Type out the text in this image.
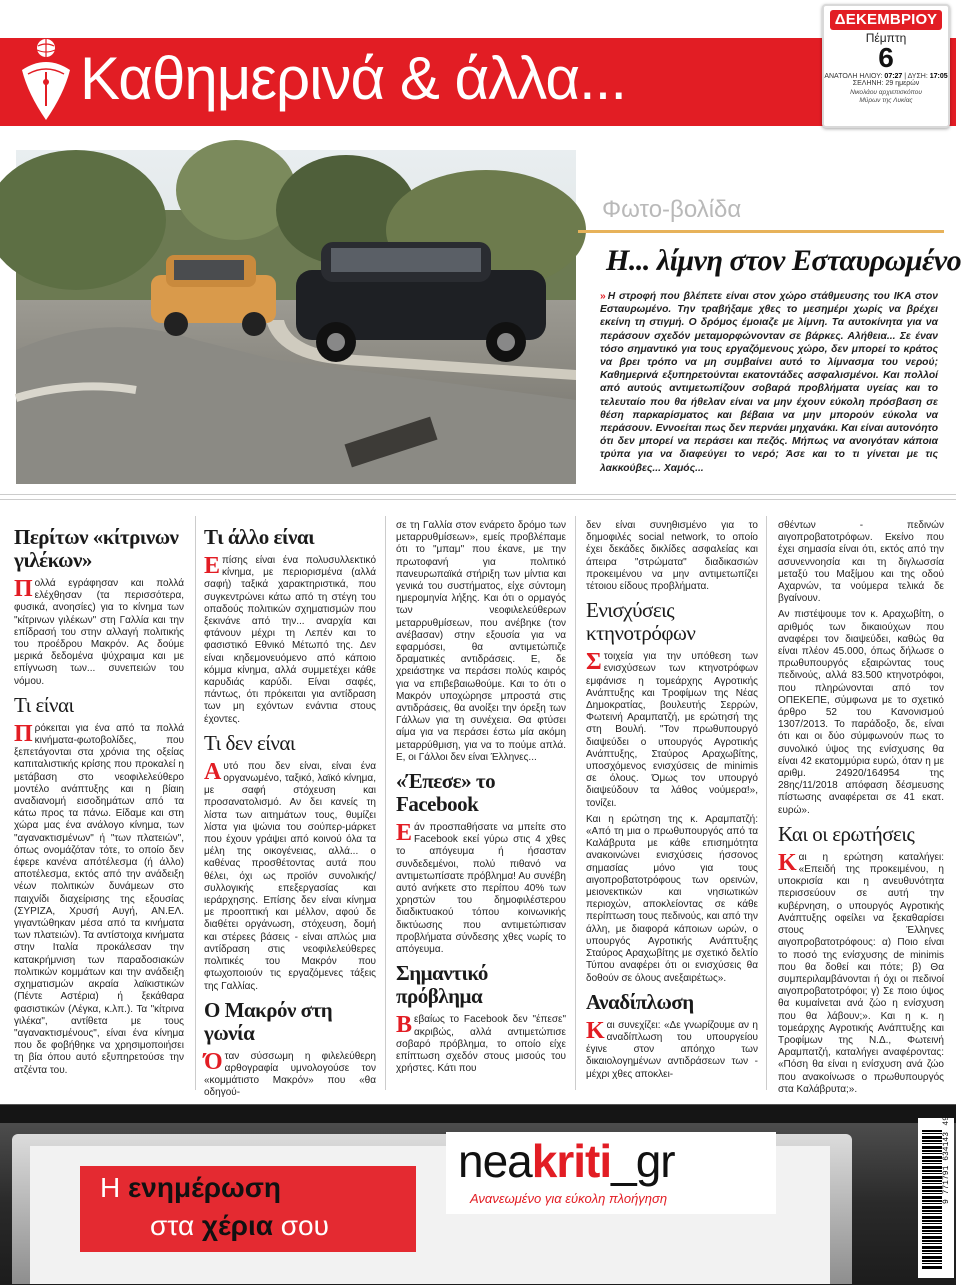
Καθημερινά & άλλα...
ΔΕΚΕΜΒΡΙΟΥ
Πέμπτη
6
ΑΝΑΤΟΛΗ ΗΛΙΟΥ: 07:27 | ΔΥΣΗ: 17:05
ΣΕΛΗΝΗ: 29 ημερών
Νικολάου αρχιεπισκόπου
Μύρων της Λυκίας
Φωτο-βολίδα
Η... λίμνη στον Εσταυρωμένο
» Η στροφή που βλέπετε είναι στον χώρο στάθμευσης του ΙΚΑ στον Εσταυρωμένο. Την τραβήξαμε χθες το μεσημέρι χωρίς να βρέχει εκείνη τη στιγμή. Ο δρόμος έμοιαζε με λίμνη. Τα αυτοκίνητα για να περάσουν σχεδόν μεταμορφώνονταν σε βάρκες. Αλήθεια... Σε έναν τόσο σημαντικό για τους εργαζόμενους χώρο, δεν μπορεί το κράτος να βρει τρόπο να μη συμβαίνει αυτό το λίμνασμα του νερού; Καθημερινά εξυπηρετούνται εκατοντάδες ασφαλισμένοι. Και πολλοί από αυτούς αντιμετωπίζουν σοβαρά προβλήματα υγείας και το τελευταίο που θα ήθελαν είναι να μην έχουν εύκολη πρόσβαση σε θέση παρκαρίσματος και βέβαια να μην μπορούν εύκολα να περάσουν. Εννοείται πως δεν περνάει μηχανάκι. Και είναι αυτονόητο ότι δεν μπορεί να περάσει και πεζός. Μήπως να ανοιγόταν κάποια τρύπα για να διαφεύγει το νερό; Άσε και το τι γίνεται με τις λακκούβες... Χαμός...
Περίτων «κίτρινων γιλέκων»

Πολλά εγράφησαν και πολλά ελέχθησαν (τα περισσότερα, φυσικά, ανοησίες) για το κίνημα των "κίτρινων γιλέκων" στη Γαλλία και την επίδρασή του στην αλλαγή πολιτικής του προέδρου Μακρόν. Ας δούμε μερικά δεδομένα ψύχραιμα και με επίγνωση των... συνεπειών του νόμου.

Τι είναι

Πρόκειται για ένα από τα πολλά κινήματα-φωτοβολίδες, που ξεπετάγονται στα χρόνια της οξείας καπιταλιστικής κρίσης που προκαλεί η μετάβαση στο νεοφιλελεύθερο μοντέλο ανάπτυξης και η βίαιη αναδιανομή εισοδημάτων από τα κάτω προς τα πάνω. Είδαμε και στη χώρα μας ένα ανάλογο κίνημα, των "αγανακτισμένων" ή "των πλατειών", όπως ονομάζόταν τότε, το οποίο δεν έφερε κανένα απότέλεσμα (ή άλλο) αποτέλεσμα, εκτός από την ανάδειξη νέων πολιτικών δυνάμεων στο παιχνίδι διαχείρισης της εξουσίας (ΣΥΡΙΖΑ, Χρυσή Αυγή, ΑΝ.ΕΛ. γιγαντώθηκαν μέσα από τα κινήματα των πλατειών). Τα αντίστοιχα κινήματα στην Ιταλία προκάλεσαν την κατακρήμνιση των παραδοσιακών πολιτικών κομμάτων και την ανάδειξη σχηματισμών ακραία λαϊκιστικών (Πέντε Αστέρια) ή ξεκάθαρα φασιστικών (Λέγκα, κ.λπ.). Τα "κίτρινα γιλέκα", αντίθετα με τους "αγανακτισμένους", είναι ένα κίνημα που δε φοβήθηκε να χρησιμοποιήσει τη βία όπου αυτό εξυπηρετούσε την ατζέντα του.

Τι άλλο είναι

Επίσης είναι ένα πολυσυλλεκτικό κίνημα, με περιορισμένα (αλλά σαφή) ταξικά χαρακτηριστικά, που συγκεντρώνει κάτω από τη στέγη του οπαδούς πολιτικών σχηματισμών που ξεκινάνε από την... αναρχία και φτάνουν μέχρι τη Λεπέν και το φασιστικό Εθνικό Μέτωπό της. Δεν είναι κηδεμονευόμενο από κάποιο κόμμα κίνημα, αλλά συμμετέχει κάθε καρυδιάς καρύδι. Είναι σαφές, πάντως, ότι πρόκειται για αντίδραση των μη εχόντων ενάντια στους έχοντες.

Τι δεν είναι

Αυτό που δεν είναι, είναι ένα οργανωμένο, ταξικό, λαϊκό κίνημα, με σαφή στόχευση και προσανατολισμό. Αν δει κανείς τη λίστα των αιτημάτων τους, θυμίζει λίστα για ψώνια του σούπερ-μάρκετ που έχουν γράψει από κοινού όλα τα μέλη της οικογένειας, αλλά... ο καθένας προσθέτοντας αυτά που θέλει, όχι ως προϊόν συνολικής/συλλογικής επεξεργασίας και ιεράρχησης. Επίσης δεν είναι κίνημα με προοπτική και μέλλον, αφού δε διαθέτει οργάνωση, στόχευση, δομή και στέρεες βάσεις - είναι απλώς μια αντίδραση στις νεοφιλελεύθερες πολιτικές του Μακρόν που φτωχοποιούν τις εργαζόμενες τάξεις της Γαλλίας.

Ο Μακρόν στη γωνία

Όταν σύσσωμη η φιλελεύθερη αρθογραφία υμνολογούσε τον «κομμάτιστο Μακρόν» που «θα οδηγού-

σε τη Γαλλία στον ενάρετο δρόμο των μεταρρυθμίσεων», εμείς προβλέπαμε ότι το "μπαμ" που έκανε, με την πρωτοφανή για πολιτικό πανευρωπαϊκά στήριξη των μίντια και γενικά του συστήματος, είχε σύντομη ημερομηνία λήξης. Και ότι ο ορμαγός των νεοφιλελεύθερων μεταρρυθμίσεων, που ανέβηκε (τον ανέβασαν) στην εξουσία για να εφαρμόσει, θα αντιμετώπιζε δραματικές αντιδράσεις. Ε, δε χρειάστηκε να περάσει πολύς καιρός για να επιβεβαιωθούμε. Και το ότι ο Μακρόν υποχώρησε μπροστά στις αντιδράσεις, θα ανοίξει την όρεξη των Γάλλων για τη συνέχεια. Θα φτύσει αίμα για να περάσει έστω μία ακόμη μεταρρύθμιση, για να το πούμε απλά. Ε, οι Γάλλοι δεν είναι Έλληνες...

«Έπεσε» το Facebook

Εάν προσπαθήσατε να μπείτε στο Facebook εκεί γύρω στις 4 χθες το απόγευμα ή ήσασταν συνδεδεμένοι, πολύ πιθανό να αντιμετωπίσατε πρόβλημα! Αυ συνέβη αυτό ανήκετε στο περίπου 40% των χρηστών του δημοφιλέστερου διαδικτυακού τόπου κοινωνικής δικτύωσης που αντιμετώπισαν προβλήματα σύνδεσης χθες νωρίς το απόγευμα.

Σημαντικό πρόβλημα

Βεβαίως το Facebook δεν "έπεσε" ακριβώς, αλλά αντιμετώπισε σοβαρό πρόβλημα, το οποίο είχε επίπτωση σχεδόν στους μισούς του χρήστες. Κάτι που

δεν είναι συνηθισμένο για το δημοφιλές social network, το οποίο έχει δεκάδες δικλίδες ασφαλείας και άπειρα "στρώματα" διαδικασιών προκειμένου να μην αντιμετωπίζει τέτοιου είδους προβλήματα.

Ενισχύσεις κτηνοτρόφων

Στοιχεία για την υπόθεση των ενισχύσεων των κτηνοτρόφων εμφάνισε η τομεάρχης Αγροτικής Ανάπτυξης και Τροφίμων της Νέας Δημοκρατίας, βουλευτής Σερρών, Φωτεινή Αραμπατζή, με ερώτησή της στη Βουλή. "Τον πρωθυπουργό διαψεύδει ο υπουργός Αγροτικής Ανάπτυξης, Σταύρος Αραχωβίτης, υποσχόμενος ενισχύσεις de minimis σε όλους. Όμως τον υπουργό διαψεύδουν τα λάθος νούμερα!», τονίζει.

Και η ερώτηση της κ. Αραμπατζή: «Από τη μια ο πρωθυπουργός από τα Καλάβρυτα με κάθε επισημότητα ανακοινώνει ενισχύσεις ήσσονος σημασίας μόνο για τους αιγοπροβατοτρόφους των ορεινών, μειονεκτικών και νησιωτικών περιοχών, αποκλείοντας σε κάθε περίπτωση τους πεδινούς, και από την άλλη, με διαφορά κάποιων ωρών, ο υπουργός Αγροτικής Ανάπτυξης Σταύρος Αραχωβίτης με σχετικό δελτίο Τύπου αναφέρει ότι οι ενισχύσεις θα δοθούν σε όλους ανεξαιρέτως».

Αναδίπλωση

Και συνεχίζει: «Δε γνωρίζουμε αν η αναδίπλωση του υπουργείου έγινε στον απόηχο των δικαιολογημένων αντιδράσεων των - μέχρι χθες αποκλει-

σθέντων - πεδινών αιγοπροβατοτρόφων. Εκείνο που έχει σημασία είναι ότι, εκτός από την ασυνεννοησία και τη διγλωσσία μεταξύ του Μαξίμου και της οδού Αχαρνών, τα νούμερα τελικά δε βγαίνουν.

Αν πιστέψουμε τον κ. Αραχωβίτη, ο αριθμός των δικαιούχων που αναφέρει τον διαψεύδει, καθώς θα είναι πλέον 45.000, όπως δήλωσε ο πρωθυπουργός εξαιρώντας τους πεδινούς, αλλά 83.500 κτηνοτρόφοι, που πληρώνονται από τον ΟΠΕΚΕΠΕ, σύμφωνα με το σχετικό άρθρο 52 του Κανονισμού 1307/2013. Το παράδοξο, δε, είναι ότι και οι δύο σύμφωνούν πως το συνολικό ύψος της ενίσχυσης θα είναι 42 εκατομμύρια ευρώ, όταν η με αριθμ. 24920/164954 της 28ης/11/2018 απόφαση δέσμευσης πίστωσης αναφέρεται σε 41 εκατ. ευρώ».

Και οι ερωτήσεις

Και η ερώτηση καταλήγει: «Επειδή της προκειμένου, η υποκρισία και η ανευθυνότητα περισσεύουν σε αυτή την κυβέρνηση, ο υπουργός Αγροτικής Ανάπτυξης οφείλει να ξεκαθαρίσει στους Έλληνες αιγοπροβατοτρόφους: α) Ποιο είναι το ποσό της ενίσχυσης de minimis που θα δοθεί και πότε; β) Θα συμπεριλαμβάνονται ή όχι οι πεδινοί αιγοπροβατοτρόφοι; γ) Σε ποιο ύψος θα κυμαίνεται ανά ζώο η ενίσχυση που θα λάβουν;». Και η κ. η τομεάρχης Αγροτικής Ανάπτυξης και Τροφίμων της Ν.Δ., Φωτεινή Αραμπατζή, καταλήγει αναφέροντας: «Πόση θα είναι η ενίσχυση ανά ζώο που ανακοίνωσε ο πρωθυπουργός στα Καλάβρυτα;».

Η ενημέρωση
στα χέρια σου
neakriti_gr
Ανανεωμένο για εύκολη πλοήγηση
49
9 771791 634143
